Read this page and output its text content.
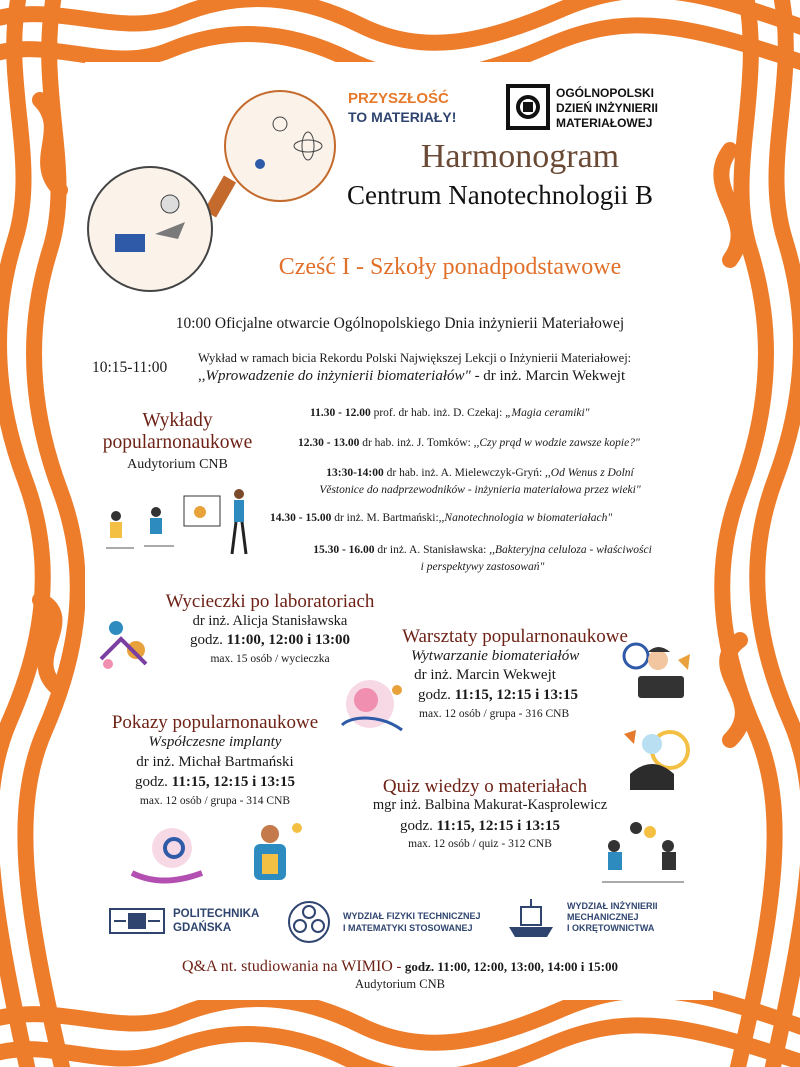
PRZYSZŁOŚĆ
TO MATERIAŁY!
OGÓLNOPOLSKI
DZIEŃ INŻYNIERII
MATERIAŁOWEJ
Harmonogram
Centrum Nanotechnologii B
Cześć I - Szkoły ponadpodstawowe
10:00 Oficjalne otwarcie Ogólnopolskiego Dnia inżynierii Materiałowej
10:15-11:00
Wykład w ramach bicia Rekordu Polski Największej Lekcji o Inżynierii Materiałowej:
,,Wprowadzenie do inżynierii biomateriałów" - dr inż. Marcin Wekwejt
Wykłady
popularnonaukowe
Audytorium CNB
11.30 - 12.00 prof. dr hab. inż. D. Czekaj: „Magia ceramiki"
12.30 - 13.00 dr hab. inż. J. Tomków: ,,Czy prąd w wodzie zawsze kopie?"
13:30-14:00 dr hab. inż. A. Mielewczyk-Gryń: ,,Od Wenus z Dolní
Věstonice do nadprzewodników - inżynieria materiałowa przez wieki"
14.30 - 15.00 dr inż. M. Bartmański:,,Nanotechnologia w biomateriałach"
15.30 - 16.00 dr inż. A. Stanisławska: ,,Bakteryjna celuloza - właściwości
i perspektywy zastosowań"
Wycieczki po laboratoriach
dr inż. Alicja Stanisławska
godz. 11:00, 12:00 i 13:00
max. 15 osób / wycieczka
Warsztaty popularnonaukowe
Wytwarzanie biomateriałów
dr inż. Marcin Wekwejt
godz. 11:15, 12:15 i 13:15
max. 12 osób / grupa - 316 CNB
Pokazy popularnonaukowe
Współczesne implanty
dr inż. Michał Bartmański
godz. 11:15, 12:15 i 13:15
max. 12 osób / grupa - 314 CNB
Quiz wiedzy o materiałach
mgr inż. Balbina Makurat-Kasprolewicz
godz. 11:15, 12:15 i 13:15
max. 12 osób / quiz - 312 CNB
POLITECHNIKA
GDAŃSKA
WYDZIAŁ FIZYKI TECHNICZNEJ
I MATEMATYKI STOSOWANEJ
WYDZIAŁ INŻYNIERII
MECHANICZNEJ
I OKRĘTOWNICTWA
Q&A nt. studiowania na WIMIO - godz. 11:00, 12:00, 13:00, 14:00 i 15:00
Audytorium CNB
